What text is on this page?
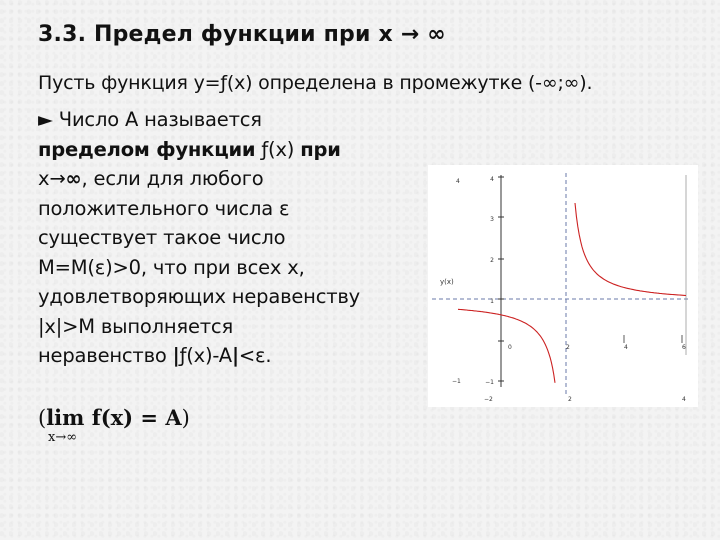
3.3. Предел функции при х → ∞
Пусть функция y=ƒ(x) определена в промежутке (-∞;∞).
► Число А называется
пределом функции ƒ(x) при
х→∞, если для любого
положительного числа ε
существует такое число
М=М(ε)>0, что при всех х,
удовлетворяющих неравенству
|x|>M выполняется
неравенство |ƒ(x)-A|<ε.
(lim f(x) = A)
x→∞
4
3
2
1
−1
0	2	4	6
4
−1
−2	2	4
y(x)
